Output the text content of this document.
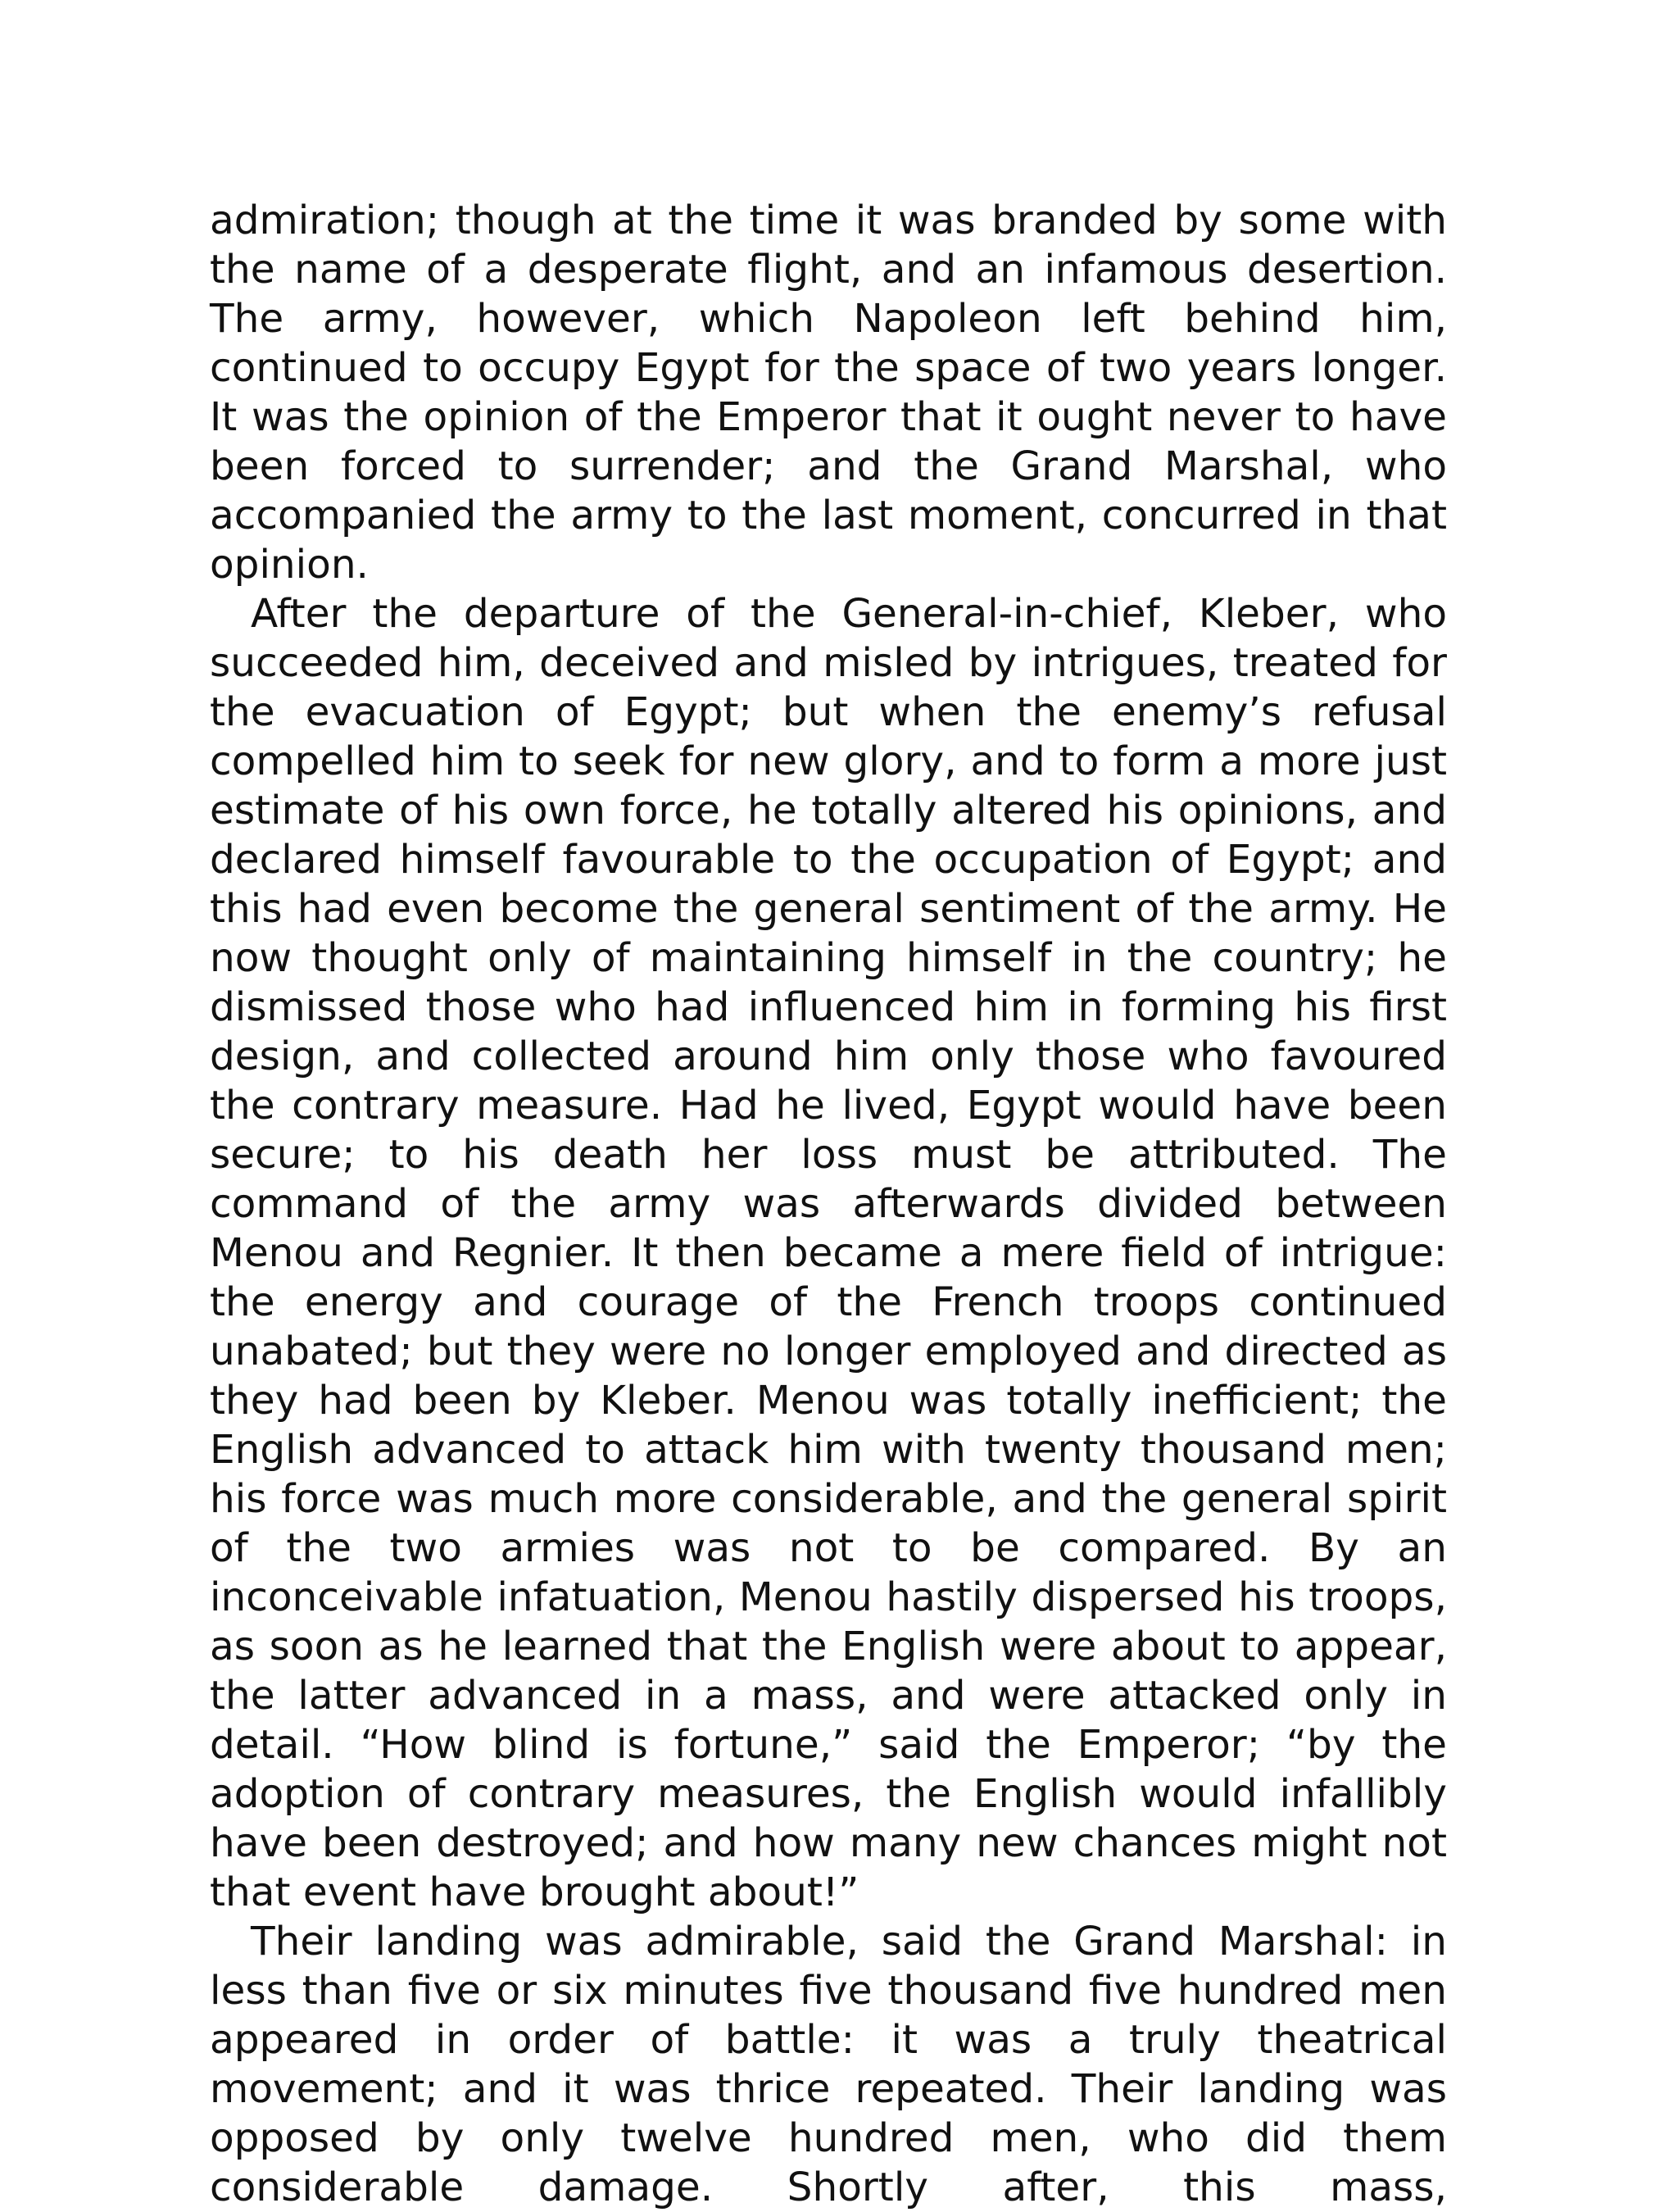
admiration; though at the time it was branded by some with the name of a desperate flight, and an infamous desertion. The army, however, which Napoleon left behind him, continued to occupy Egypt for the space of two years longer. It was the opinion of the Emperor that it ought never to have been forced to surrender; and the Grand Marshal, who accompanied the army to the last moment, concurred in that opinion.

After the departure of the General-in-chief, Kleber, who succeeded him, deceived and misled by intrigues, treated for the evacuation of Egypt; but when the enemy’s refusal compelled him to seek for new glory, and to form a more just estimate of his own force, he totally altered his opinions, and declared himself favourable to the occupation of Egypt; and this had even become the general sentiment of the army. He now thought only of maintaining himself in the country; he dismissed those who had influenced him in forming his first design, and collected around him only those who favoured the contrary measure. Had he lived, Egypt would have been secure; to his death her loss must be attributed. The command of the army was afterwards divided between Menou and Regnier. It then became a mere field of intrigue: the energy and courage of the French troops continued unabated; but they were no longer employed and directed as they had been by Kleber. Menou was totally inefficient; the English advanced to attack him with twenty thousand men; his force was much more considerable, and the general spirit of the two armies was not to be compared. By an inconceivable infatuation, Menou hastily dispersed his troops, as soon as he learned that the English were about to appear, the latter advanced in a mass, and were attacked only in detail. “How blind is fortune,” said the Emperor; “by the adoption of contrary measures, the English would infallibly have been destroyed; and how many new chances might not that event have brought about!”

Their landing was admirable, said the Grand Marshal: in less than five or six minutes five thousand five hundred men appeared in order of battle: it was a truly theatrical movement; and it was thrice repeated. Their landing was opposed by only twelve hundred men, who did them considerable damage. Shortly after, this mass,
